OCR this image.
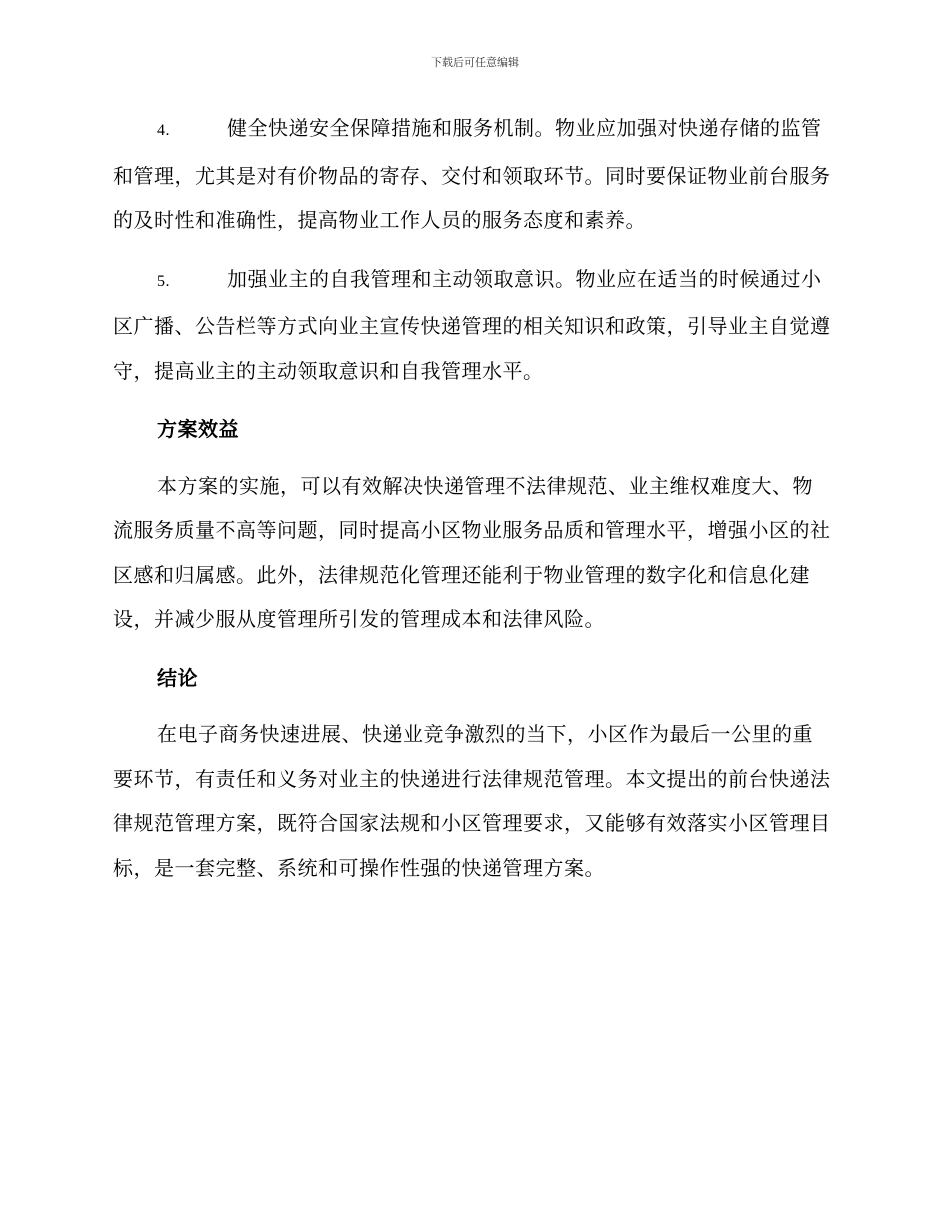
下载后可任意编辑

4.	健全快递安全保障措施和服务机制。物业应加强对快递存储的监管和管理，尤其是对有价物品的寄存、交付和领取环节。同时要保证物业前台服务的及时性和准确性，提高物业工作人员的服务态度和素养。

5.	加强业主的自我管理和主动领取意识。物业应在适当的时候通过小区广播、公告栏等方式向业主宣传快递管理的相关知识和政策，引导业主自觉遵守，提高业主的主动领取意识和自我管理水平。

方案效益

本方案的实施，可以有效解决快递管理不法律规范、业主维权难度大、物流服务质量不高等问题，同时提高小区物业服务品质和管理水平，增强小区的社区感和归属感。此外，法律规范化管理还能利于物业管理的数字化和信息化建设，并减少服从度管理所引发的管理成本和法律风险。

结论

在电子商务快速进展、快递业竞争激烈的当下，小区作为最后一公里的重要环节，有责任和义务对业主的快递进行法律规范管理。本文提出的前台快递法律规范管理方案，既符合国家法规和小区管理要求，又能够有效落实小区管理目标，是一套完整、系统和可操作性强的快递管理方案。
